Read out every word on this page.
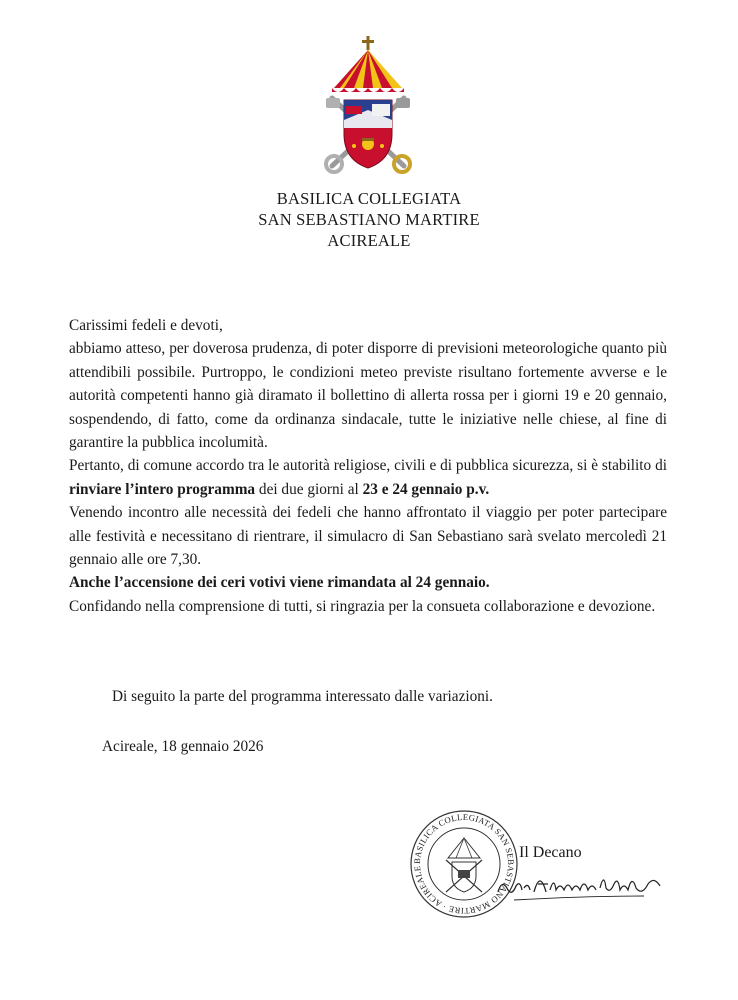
BASILICA COLLEGIATA
SAN SEBASTIANO MARTIRE
ACIREALE

Carissimi fedeli e devoti,

abbiamo atteso, per doverosa prudenza, di poter disporre di previsioni meteorologiche quanto più attendibili possibile. Purtroppo, le condizioni meteo previste risultano fortemente avverse e le autorità competenti hanno già diramato il bollettino di allerta rossa per i giorni 19 e 20 gennaio, sospendendo, di fatto, come da ordinanza sindacale, tutte le iniziative nelle chiese, al fine di garantire la pubblica incolumità.

Pertanto, di comune accordo tra le autorità religiose, civili e di pubblica sicurezza, si è stabilito di rinviare l’intero programma dei due giorni al 23 e 24 gennaio p.v.

Venendo incontro alle necessità dei fedeli che hanno affrontato il viaggio per poter partecipare alle festività e necessitano di rientrare, il simulacro di San Sebastiano sarà svelato mercoledì 21 gennaio alle ore 7,30.

Anche l’accensione dei ceri votivi viene rimandata al 24 gennaio.

Confidando nella comprensione di tutti, si ringrazia per la consueta collaborazione e devozione.

Di seguito la parte del programma interessato dalle variazioni.
Acireale, 18 gennaio 2026
BASILICA COLLEGIATA SAN SEBASTIANO MARTIRE · ACIREALE
Il Decano
